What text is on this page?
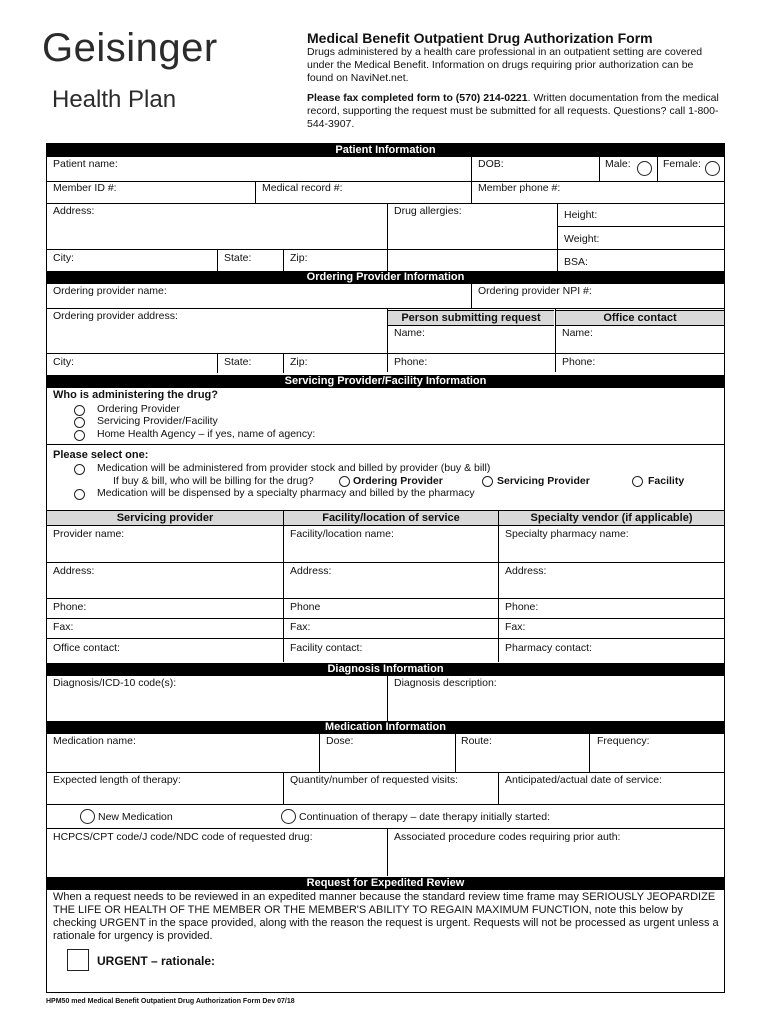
Geisinger
Health Plan
Medical Benefit Outpatient Drug Authorization Form
Drugs administered by a health care professional in an outpatient setting are covered under the Medical Benefit. Information on drugs requiring prior authorization can be found on NaviNet.net.
Please fax completed form to (570) 214-0221. Written documentation from the medical record, supporting the request must be submitted for all requests. Questions? call 1-800-544-3907.
Patient Information
Patient name:	DOB:	Male:	Female:
Member ID #:	Medical record #:	Member phone #:
Address:	Drug allergies:	Height:
Weight:
City:	State:	Zip:	BSA:
Ordering Provider Information
Ordering provider name:	Ordering provider NPI #:
Ordering provider address:	Person submitting request	Office contact
Name:	Name:
City:	State:	Zip:	Phone:	Phone:
Servicing Provider/Facility Information
Who is administering the drug?
Ordering Provider
Servicing Provider/Facility
Home Health Agency – if yes, name of agency:
Please select one:
Medication will be administered from provider stock and billed by provider (buy & bill)
If buy & bill, who will be billing for the drug?	Ordering Provider	Servicing Provider	Facility
Medication will be dispensed by a specialty pharmacy and billed by the pharmacy
Servicing provider	Facility/location of service	Specialty vendor (if applicable)
Provider name:	Facility/location name:	Specialty pharmacy name:
Address:	Address:	Address:
Phone:	Phone	Phone:
Fax:	Fax:	Fax:
Office contact:	Facility contact:	Pharmacy contact:
Diagnosis Information
Diagnosis/ICD-10 code(s):	Diagnosis description:
Medication Information
Medication name:	Dose:	Route:	Frequency:
Expected length of therapy:	Quantity/number of requested visits:	Anticipated/actual date of service:
New Medication	Continuation of therapy – date therapy initially started:
HCPCS/CPT code/J code/NDC code of requested drug:	Associated procedure codes requiring prior auth:
Request for Expedited Review
When a request needs to be reviewed in an expedited manner because the standard review time frame may SERIOUSLY JEOPARDIZE THE LIFE OR HEALTH OF THE MEMBER OR THE MEMBER'S ABILITY TO REGAIN MAXIMUM FUNCTION, note this below by checking URGENT in the space provided, along with the reason the request is urgent. Requests will not be processed as urgent unless a rationale for urgency is provided.
URGENT – rationale:
HPM50 med Medical Benefit Outpatient Drug Authorization Form Dev 07/18
